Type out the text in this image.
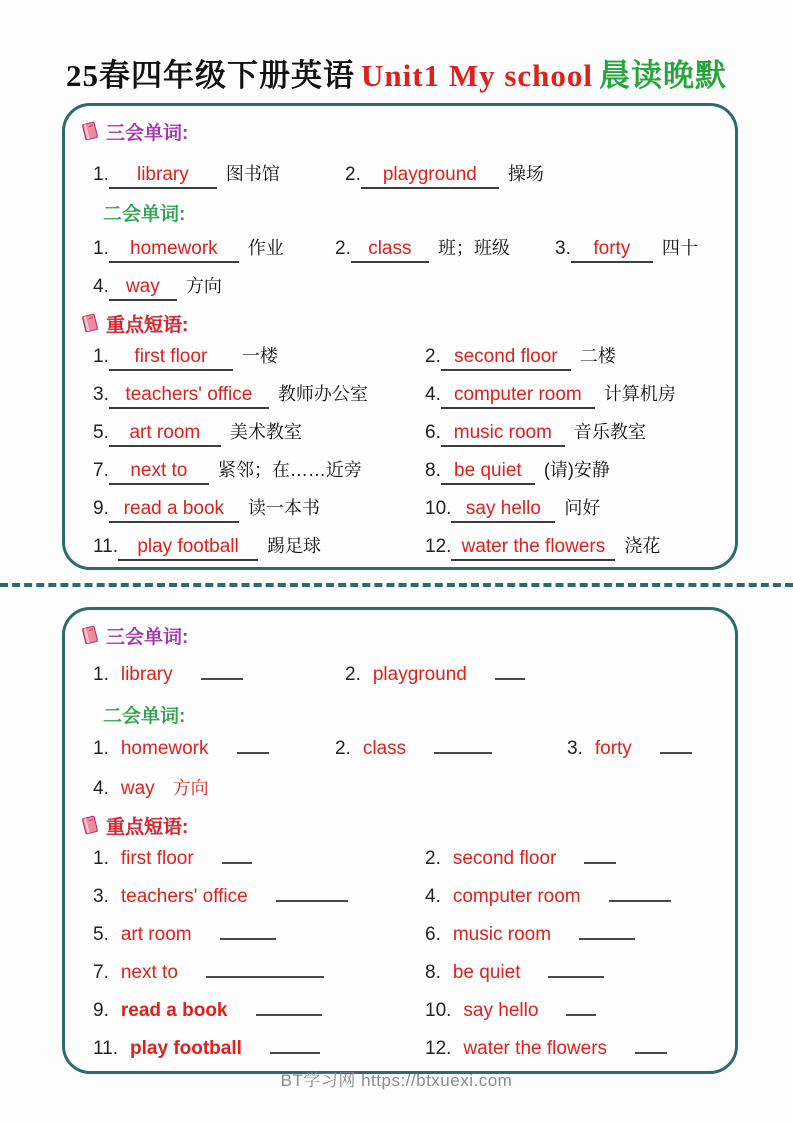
25春四年级下册英语 Unit1 My school 晨读晚默
三会单词:
1. library 图书馆	2. playground 操场
二会单词:
1. homework 作业	2. class 班；班级	3. forty 四十
4. way 方向
重点短语:
1. first floor 一楼	2. second floor 二楼
3. teachers' office 教师办公室	4. computer room 计算机房
5. art room 美术教室	6. music room 音乐教室
7. next to 紧邻；在……近旁	8. be quiet (请)安静
9. read a book 读一本书	10. say hello 问好
11. play football 踢足球	12. water the flowers 浇花
三会单词:
1. library	2. playground
二会单词:
1. homework	2. class	3. forty
4. way 方向
重点短语:
1. first floor	2. second floor
3. teachers' office	4. computer room
5. art room	6. music room
7. next to	8. be quiet
9. read a book	10. say hello
11. play football	12. water the flowers
BT学习网 https://btxuexi.com
